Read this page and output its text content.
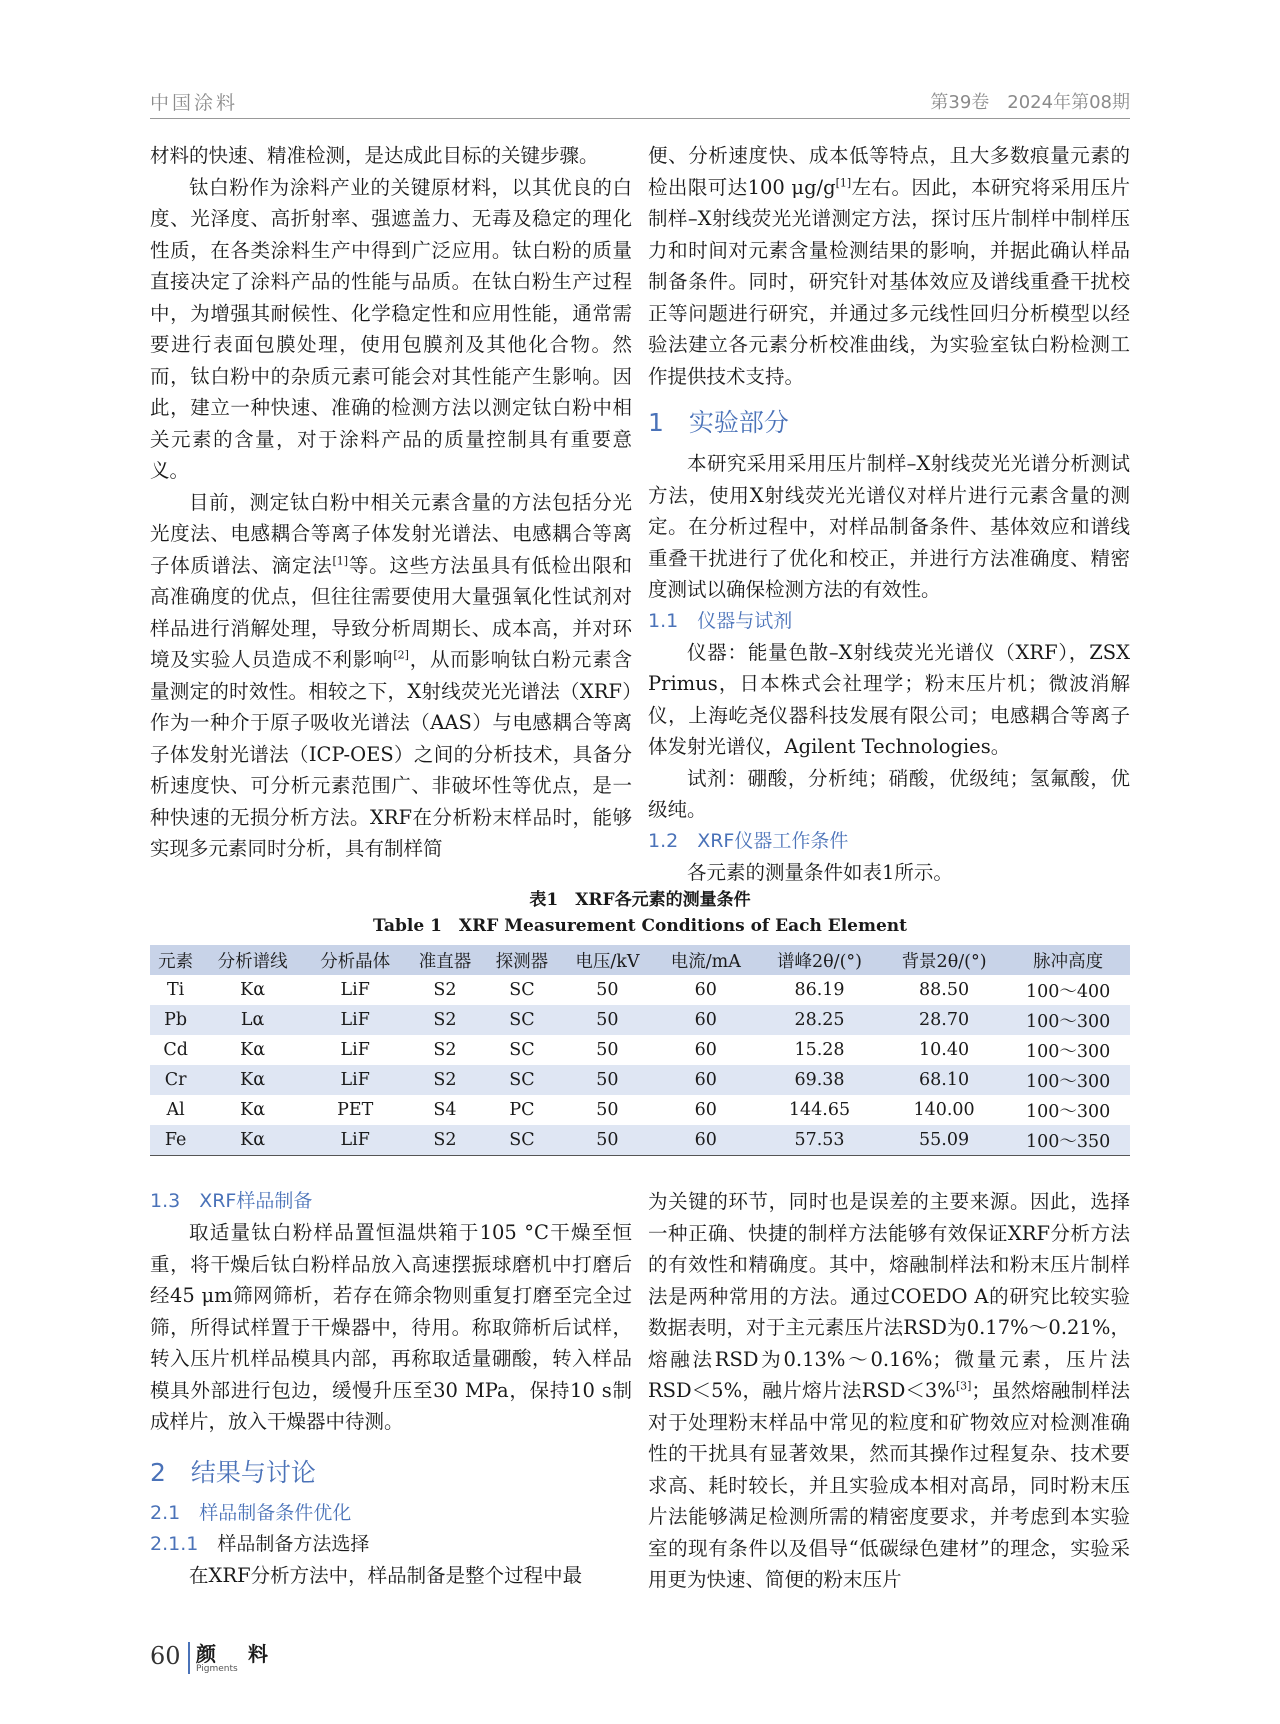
中国涂料	第39卷　2024年第08期

材料的快速、精准检测，是达成此目标的关键步骤。

钛白粉作为涂料产业的关键原材料，以其优良的白度、光泽度、高折射率、强遮盖力、无毒及稳定的理化性质，在各类涂料生产中得到广泛应用。钛白粉的质量直接决定了涂料产品的性能与品质。在钛白粉生产过程中，为增强其耐候性、化学稳定性和应用性能，通常需要进行表面包膜处理，使用包膜剂及其他化合物。然而，钛白粉中的杂质元素可能会对其性能产生影响。因此，建立一种快速、准确的检测方法以测定钛白粉中相关元素的含量，对于涂料产品的质量控制具有重要意义。

目前，测定钛白粉中相关元素含量的方法包括分光光度法、电感耦合等离子体发射光谱法、电感耦合等离子体质谱法、滴定法[1]等。这些方法虽具有低检出限和高准确度的优点，但往往需要使用大量强氧化性试剂对样品进行消解处理，导致分析周期长、成本高，并对环境及实验人员造成不利影响[2]，从而影响钛白粉元素含量测定的时效性。相较之下，X射线荧光光谱法（XRF）作为一种介于原子吸收光谱法（AAS）与电感耦合等离子体发射光谱法（ICP-OES）之间的分析技术，具备分析速度快、可分析元素范围广、非破坏性等优点，是一种快速的无损分析方法。XRF在分析粉末样品时，能够实现多元素同时分析，具有制样简

便、分析速度快、成本低等特点，且大多数痕量元素的检出限可达100 μg/g[1]左右。因此，本研究将采用压片制样–X射线荧光光谱测定方法，探讨压片制样中制样压力和时间对元素含量检测结果的影响，并据此确认样品制备条件。同时，研究针对基体效应及谱线重叠干扰校正等问题进行研究，并通过多元线性回归分析模型以经验法建立各元素分析校准曲线，为实验室钛白粉检测工作提供技术支持。

1　实验部分

本研究采用采用压片制样–X射线荧光光谱分析测试方法，使用X射线荧光光谱仪对样片进行元素含量的测定。在分析过程中，对样品制备条件、基体效应和谱线重叠干扰进行了优化和校正，并进行方法准确度、精密度测试以确保检测方法的有效性。

1.1　仪器与试剂

仪器：能量色散–X射线荧光光谱仪（XRF），ZSX Primus，日本株式会社理学；粉末压片机；微波消解仪，上海屹尧仪器科技发展有限公司；电感耦合等离子体发射光谱仪，Agilent Technologies。

试剂：硼酸，分析纯；硝酸，优级纯；氢氟酸，优级纯。

1.2　XRF仪器工作条件

各元素的测量条件如表1所示。

表1　XRF各元素的测量条件
Table 1　XRF Measurement Conditions of Each Element
元素	分析谱线	分析晶体	准直器	探测器	电压/kV	电流/mA	谱峰2θ/(°)	背景2θ/(°)	脉冲高度
Ti	Kα	LiF	S2	SC	50	60	86.19	88.50	100～400
Pb	Lα	LiF	S2	SC	50	60	28.25	28.70	100～300
Cd	Kα	LiF	S2	SC	50	60	15.28	10.40	100～300
Cr	Kα	LiF	S2	SC	50	60	69.38	68.10	100～300
Al	Kα	PET	S4	PC	50	60	144.65	140.00	100～300
Fe	Kα	LiF	S2	SC	50	60	57.53	55.09	100～350
1.3　XRF样品制备

取适量钛白粉样品置恒温烘箱于105 °C干燥至恒重，将干燥后钛白粉样品放入高速摆振球磨机中打磨后经45 μm筛网筛析，若存在筛余物则重复打磨至完全过筛，所得试样置于干燥器中，待用。称取筛析后试样，转入压片机样品模具内部，再称取适量硼酸，转入样品模具外部进行包边，缓慢升压至30 MPa，保持10 s制成样片，放入干燥器中待测。

2　结果与讨论
2.1　样品制备条件优化
2.1.1　 样品制备方法选择

在XRF分析方法中，样品制备是整个过程中最

为关键的环节，同时也是误差的主要来源。因此，选择一种正确、快捷的制样方法能够有效保证XRF分析方法的有效性和精确度。其中，熔融制样法和粉末压片制样法是两种常用的方法。通过COEDO A的研究比较实验数据表明，对于主元素压片法RSD为0.17%～0.21%，熔融法RSD为0.13%～0.16%；微量元素，压片法RSD＜5%，融片熔片法RSD＜3%[3]；虽然熔融制样法对于处理粉末样品中常见的粒度和矿物效应对检测准确性的干扰具有显著效果，然而其操作过程复杂、技术要求高、耗时较长，并且实验成本相对高昂，同时粉末压片法能够满足检测所需的精密度要求，并考虑到本实验室的现有条件以及倡导“低碳绿色建材”的理念，实验采用更为快速、简便的粉末压片

60 颜　料
Pigments
